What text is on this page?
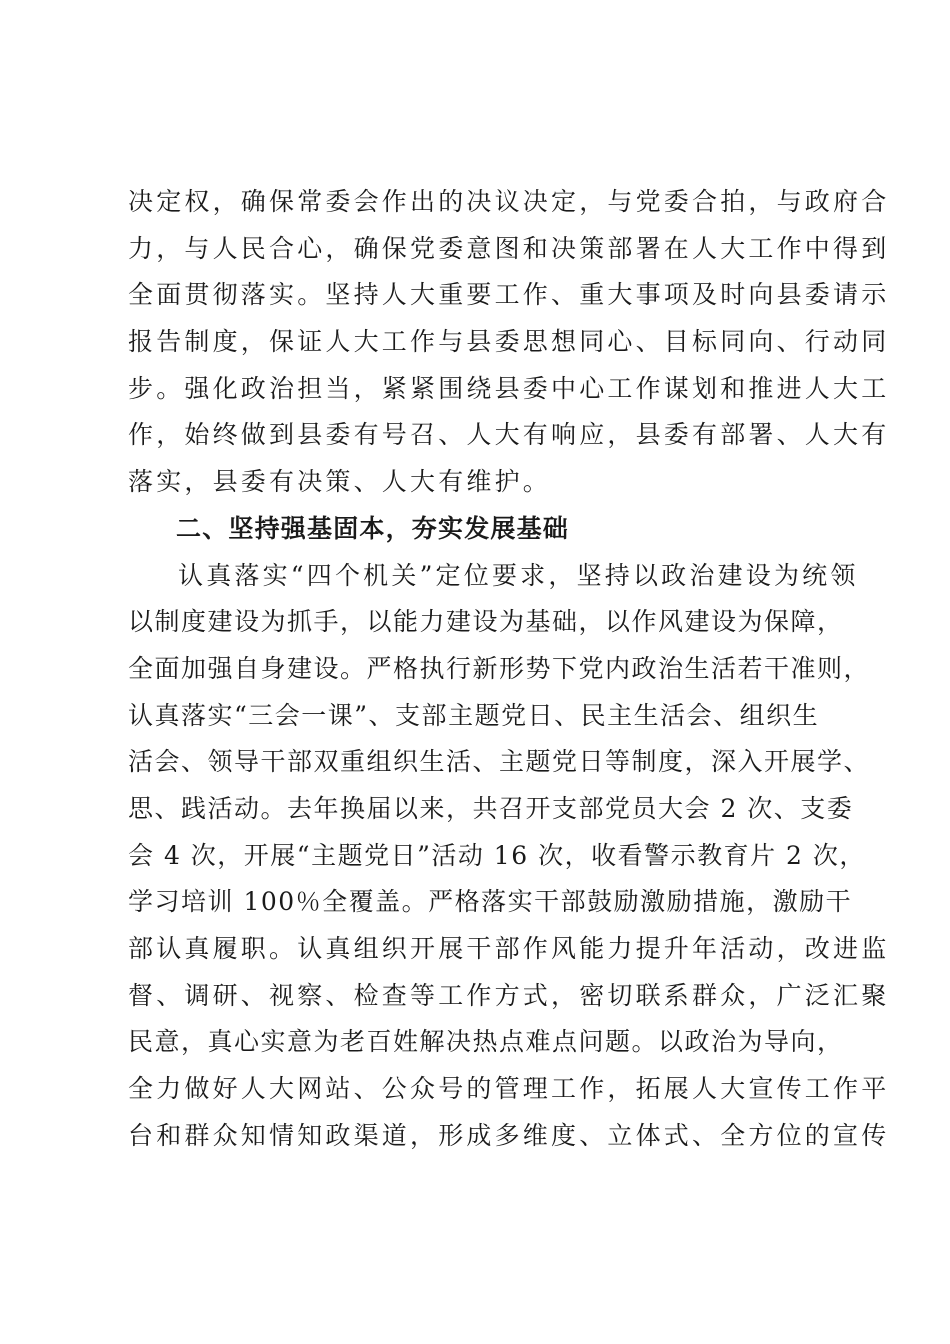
决定权，确保常委会作出的决议决定，与党委合拍，与政府合
力，与人民合心，确保党委意图和决策部署在人大工作中得到
全面贯彻落实。坚持人大重要工作、重大事项及时向县委请示
报告制度，保证人大工作与县委思想同心、目标同向、行动同
步。强化政治担当，紧紧围绕县委中心工作谋划和推进人大工
作，始终做到县委有号召、人大有响应，县委有部署、人大有
落实，县委有决策、人大有维护。
二、坚持强基固本，夯实发展基础
认真落实“四个机关”定位要求，坚持以政治建设为统领
以制度建设为抓手，以能力建设为基础，以作风建设为保障，
全面加强自身建设。严格执行新形势下党内政治生活若干准则，
认真落实“三会一课”、支部主题党日、民主生活会、组织生
活会、领导干部双重组织生活、主题党日等制度，深入开展学、
思、践活动。去年换届以来，共召开支部党员大会 2 次、支委
会 4 次，开展“主题党日”活动 16 次，收看警示教育片 2 次，
学习培训 100％全覆盖。严格落实干部鼓励激励措施，激励干
部认真履职。认真组织开展干部作风能力提升年活动，改进监
督、调研、视察、检查等工作方式，密切联系群众，广泛汇聚
民意，真心实意为老百姓解决热点难点问题。以政治为导向，
全力做好人大网站、公众号的管理工作，拓展人大宣传工作平
台和群众知情知政渠道，形成多维度、立体式、全方位的宣传
